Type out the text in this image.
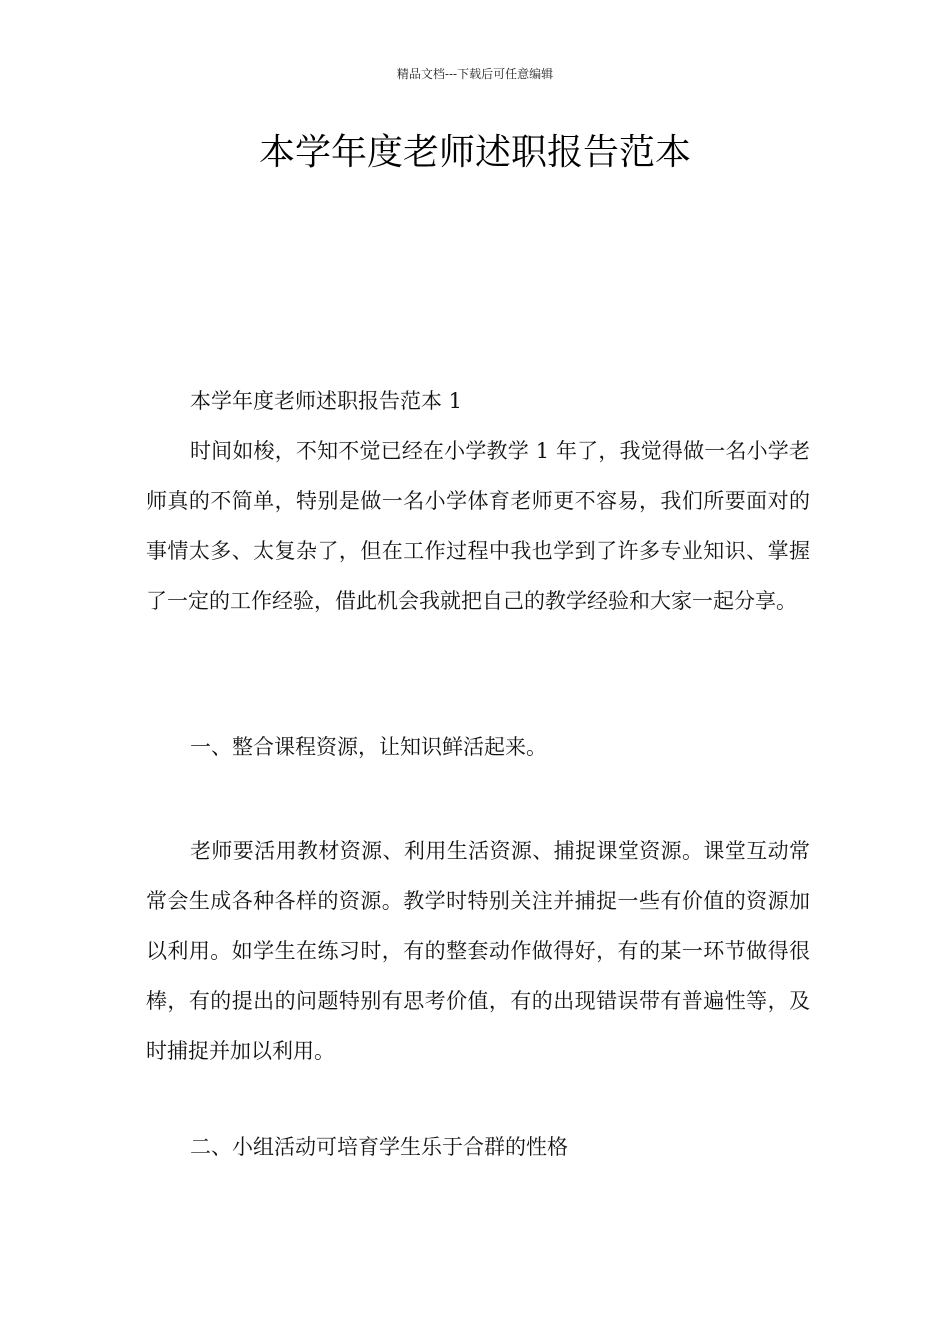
精品文档---下载后可任意编辑
本学年度老师述职报告范本

本学年度老师述职报告范本 1

时间如梭，不知不觉已经在小学教学 1 年了，我觉得做一名小学老师真的不简单，特别是做一名小学体育老师更不容易，我们所要面对的事情太多、太复杂了，但在工作过程中我也学到了许多专业知识、掌握了一定的工作经验，借此机会我就把自己的教学经验和大家一起分享。

一、整合课程资源，让知识鲜活起来。

老师要活用教材资源、利用生活资源、捕捉课堂资源。课堂互动常常会生成各种各样的资源。教学时特别关注并捕捉一些有价值的资源加以利用。如学生在练习时，有的整套动作做得好，有的某一环节做得很棒，有的提出的问题特别有思考价值，有的出现错误带有普遍性等，及时捕捉并加以利用。

二、小组活动可培育学生乐于合群的性格
